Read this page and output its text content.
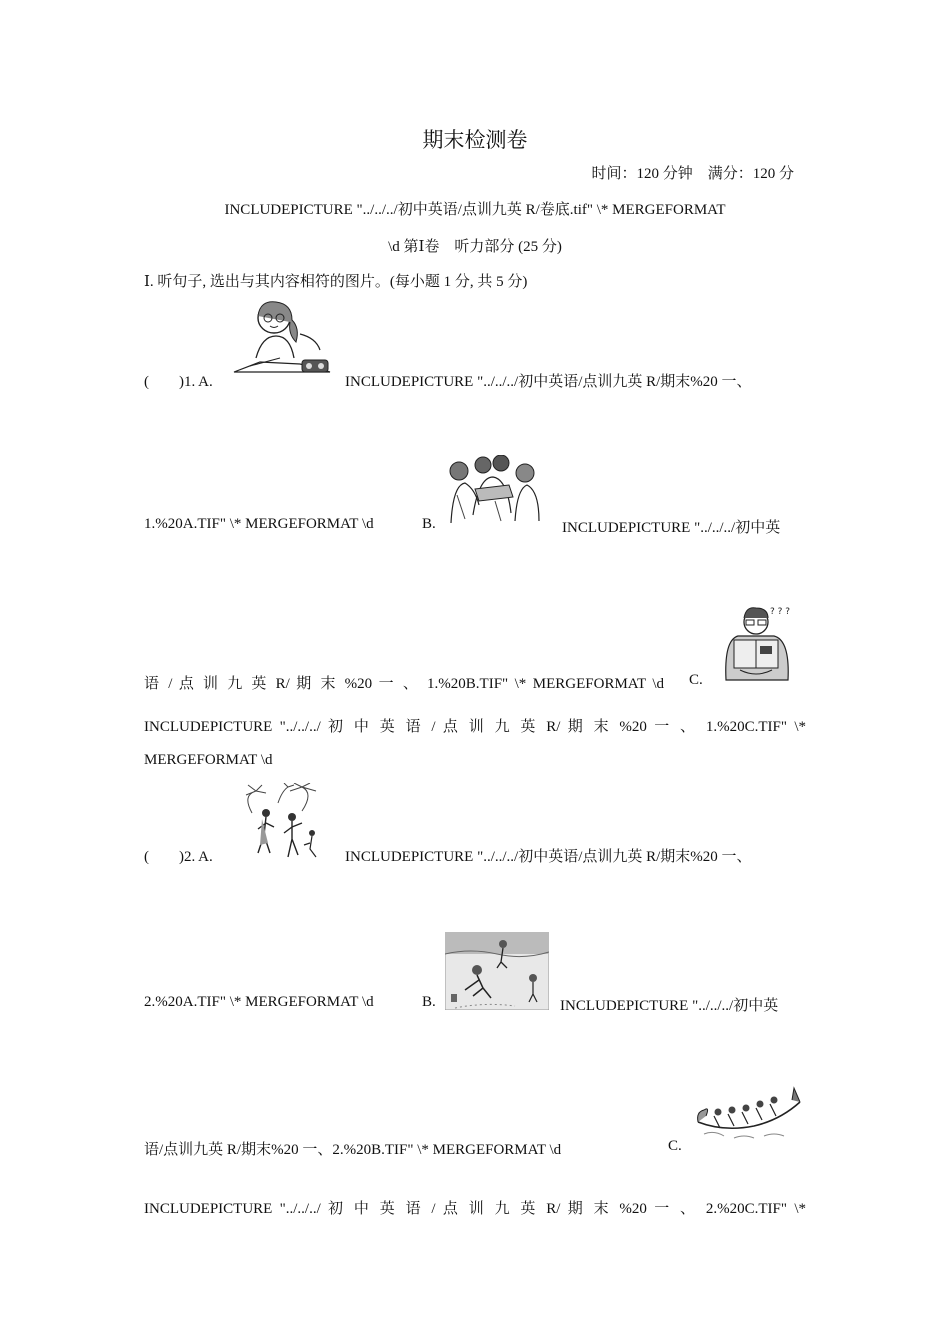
期末检测卷
时间：120 分钟　满分：120 分
INCLUDEPICTURE "../../../初中英语/点训九英 R/卷底.tif" \* MERGEFORMAT
\d 第Ⅰ卷　听力部分 (25 分)
Ⅰ. 听句子, 选出与其内容相符的图片。(每小题 1 分, 共 5 分)
(　　)1. A.	INCLUDEPICTURE "../../../初中英语/点训九英 R/期末%20 一、
1.%20A.TIF" \* MERGEFORMAT \d	B.	INCLUDEPICTURE "../../../初中英
语 / 点 训 九 英 R/ 期 末 %20 一 、 1.%20B.TIF" \* MERGEFORMAT \d C.
? ? ?
INCLUDEPICTURE "../../../ 初 中 英 语 / 点 训 九 英 R/ 期 末 %20 一 、 1.%20C.TIF" \*
MERGEFORMAT \d
(　　)2. A.	INCLUDEPICTURE "../../../初中英语/点训九英 R/期末%20 一、
2.%20A.TIF" \* MERGEFORMAT \d	B.	INCLUDEPICTURE "../../../初中英
语/点训九英 R/期末%20 一、2.%20B.TIF" \* MERGEFORMAT \d	C.
INCLUDEPICTURE "../../../ 初 中 英 语 / 点 训 九 英 R/ 期 末 %20 一 、 2.%20C.TIF" \*
